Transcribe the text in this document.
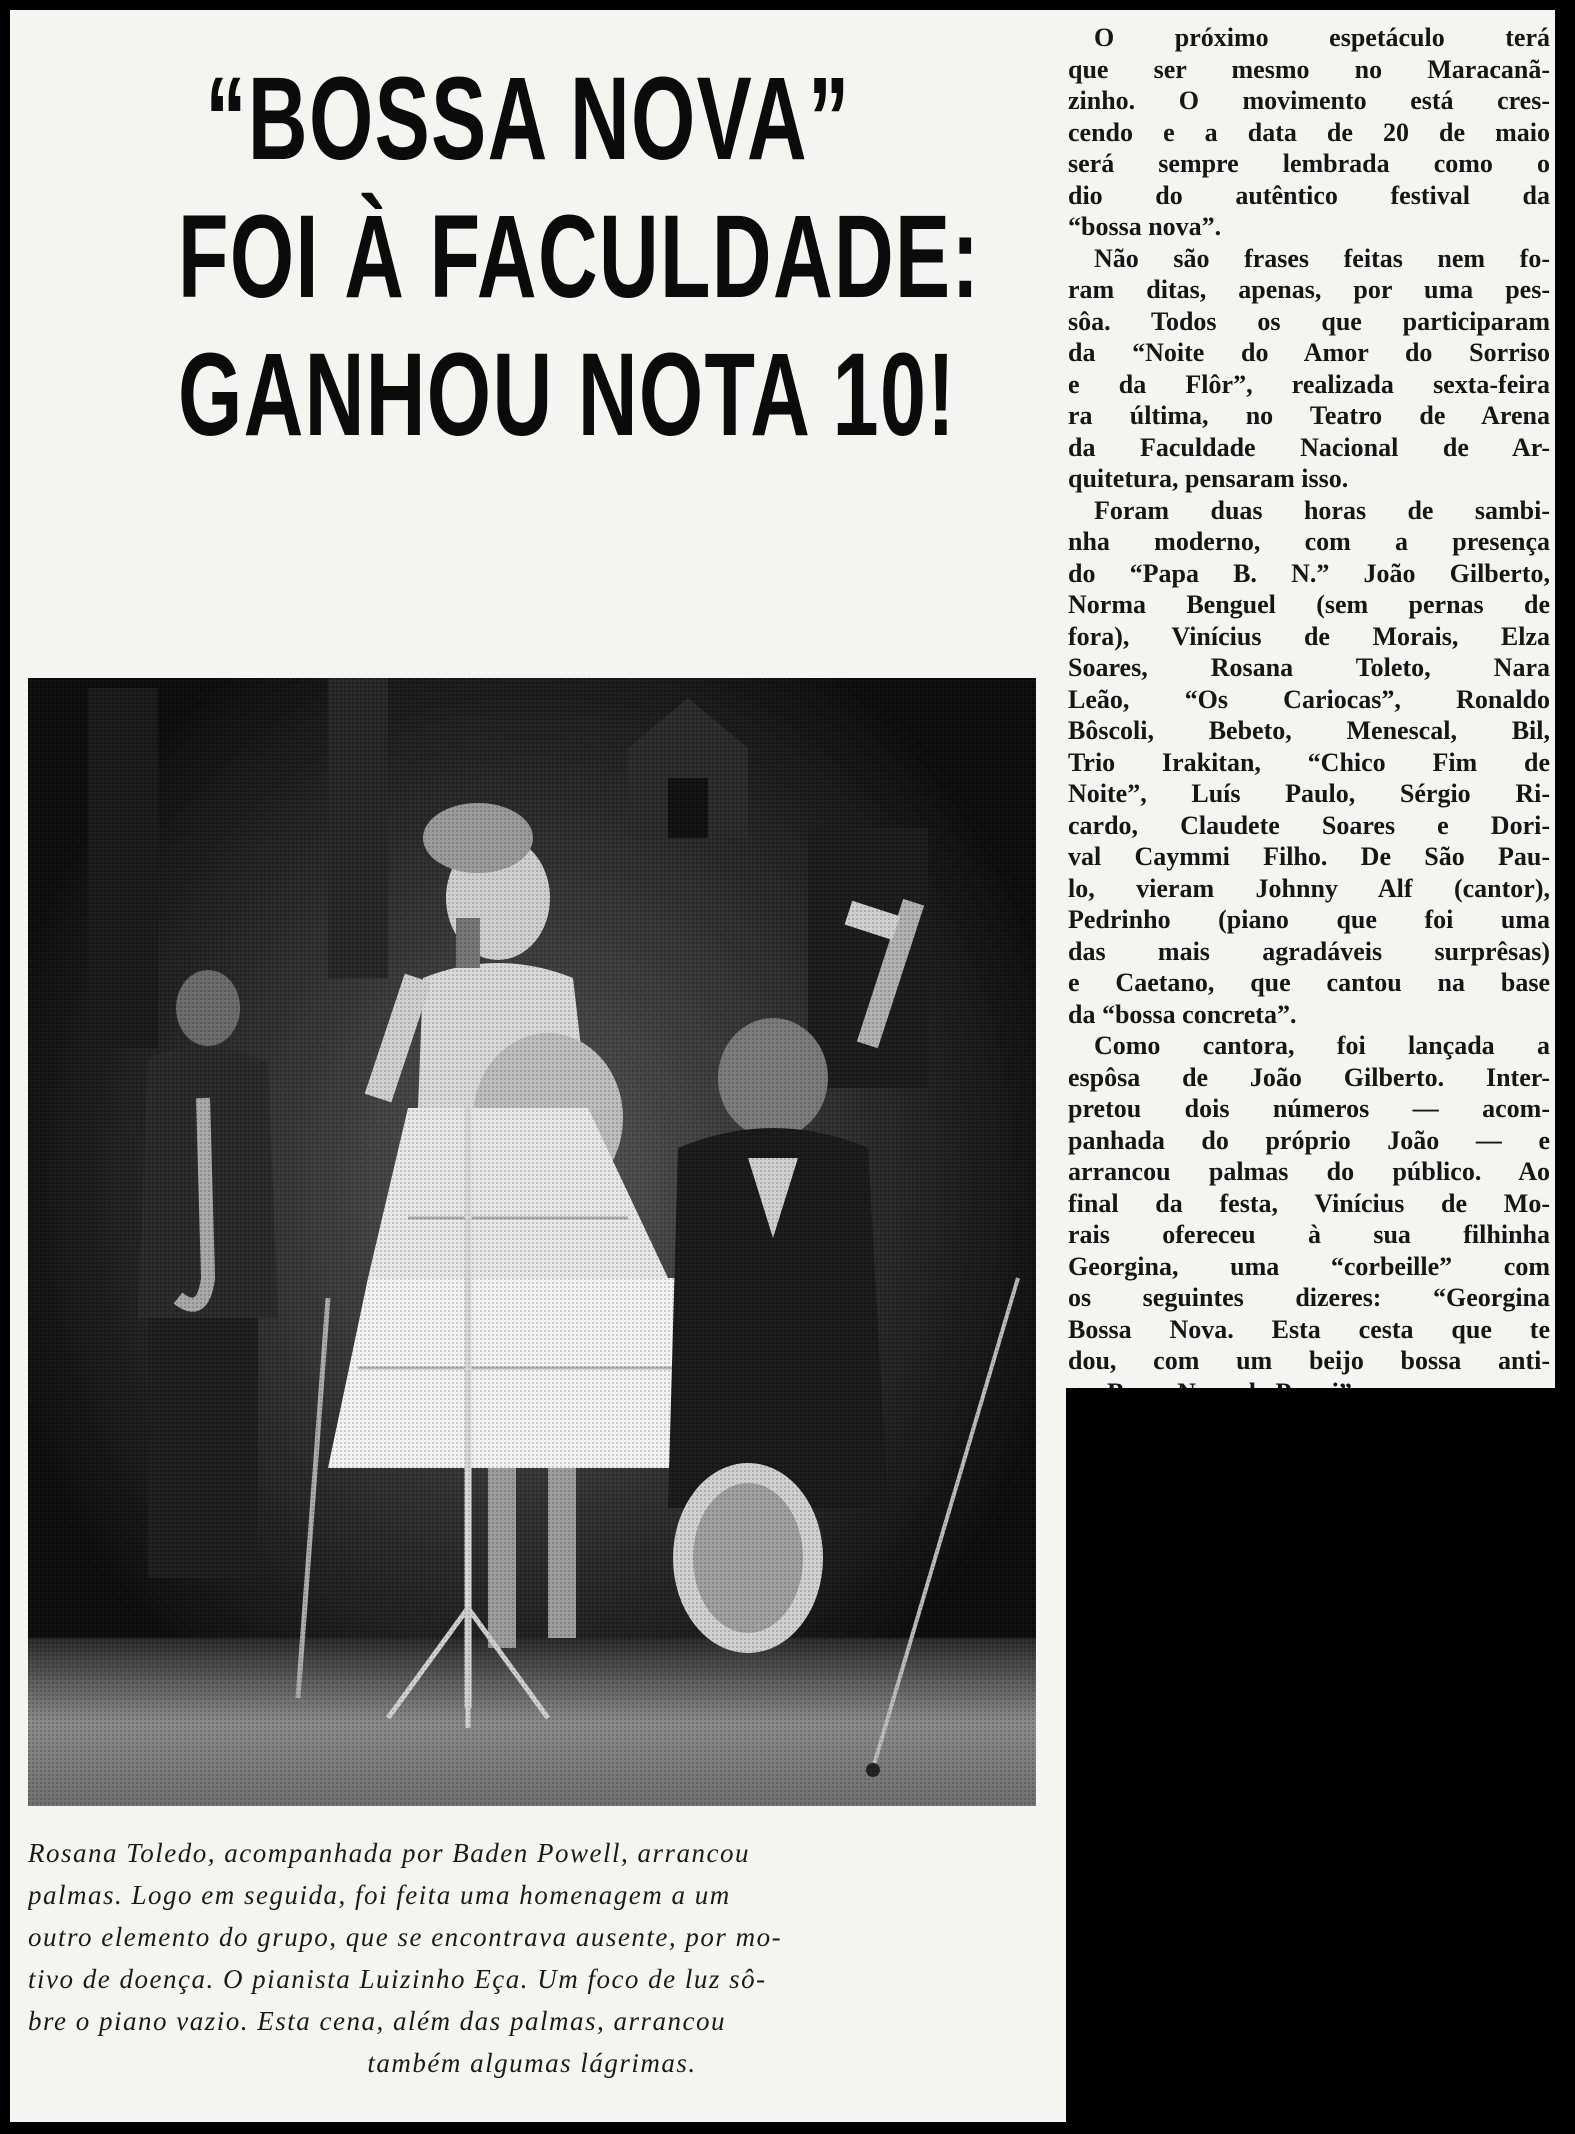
“BOSSA NOVA”
FOI À FACULDADE:
GANHOU NOTA 10!
Rosana Toledo, acompanhada por Baden Powell, arrancou
palmas. Logo em seguida, foi feita uma homenagem a um
outro elemento do grupo, que se encontrava ausente, por mo-
tivo de doença. O pianista Luizinho Eça. Um foco de luz sô-
bre o piano vazio. Esta cena, além das palmas, arrancou
também algumas lágrimas.
O próximo espetáculo terá
que ser mesmo no Maracanã-
zinho. O movimento está cres-
cendo e a data de 20 de maio
será sempre lembrada como o
dio do autêntico festival da
“bossa nova”.
Não são frases feitas nem fo-
ram ditas, apenas, por uma pes-
sôa. Todos os que participaram
da “Noite do Amor do Sorriso
e da Flôr”, realizada sexta-feira
ra última, no Teatro de Arena
da Faculdade Nacional de Ar-
quitetura, pensaram isso.
Foram duas horas de sambi-
nha moderno, com a presença
do “Papa B. N.” João Gilberto,
Norma Benguel (sem pernas de
fora), Vinícius de Morais, Elza
Soares, Rosana Toleto, Nara
Leão, “Os Cariocas”, Ronaldo
Bôscoli, Bebeto, Menescal, Bil,
Trio Irakitan, “Chico Fim de
Noite”, Luís Paulo, Sérgio Ri-
cardo, Claudete Soares e Dori-
val Caymmi Filho. De São Pau-
lo, vieram Johnny Alf (cantor),
Pedrinho (piano que foi uma
das mais agradáveis surprêsas)
e Caetano, que cantou na base
da “bossa concreta”.
Como cantora, foi lançada a
espôsa de João Gilberto. Inter-
pretou dois números — acom-
panhada do próprio João — e
arrancou palmas do público. Ao
final da festa, Vinícius de Mo-
rais ofereceu à sua filhinha
Georgina, uma “corbeille” com
os seguintes dizeres: “Georgina
Bossa Nova. Esta cesta que te
dou, com um beijo bossa anti-
